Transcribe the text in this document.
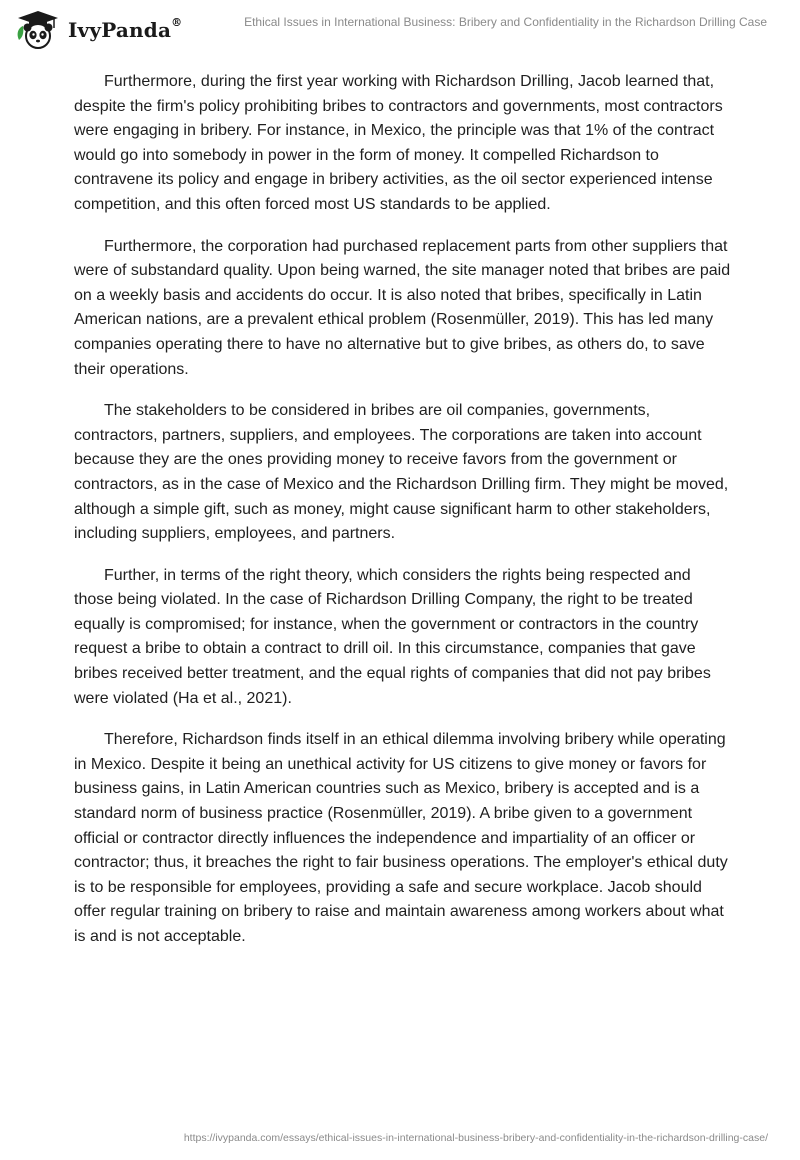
IvyPanda®	Ethical Issues in International Business: Bribery and Confidentiality in the Richardson Drilling Case

Furthermore, during the first year working with Richardson Drilling, Jacob learned that, despite the firm's policy prohibiting bribes to contractors and governments, most contractors were engaging in bribery. For instance, in Mexico, the principle was that 1% of the contract would go into somebody in power in the form of money. It compelled Richardson to contravene its policy and engage in bribery activities, as the oil sector experienced intense competition, and this often forced most US standards to be applied.

Furthermore, the corporation had purchased replacement parts from other suppliers that were of substandard quality. Upon being warned, the site manager noted that bribes are paid on a weekly basis and accidents do occur. It is also noted that bribes, specifically in Latin American nations, are a prevalent ethical problem (Rosenmüller, 2019). This has led many companies operating there to have no alternative but to give bribes, as others do, to save their operations.

The stakeholders to be considered in bribes are oil companies, governments, contractors, partners, suppliers, and employees. The corporations are taken into account because they are the ones providing money to receive favors from the government or contractors, as in the case of Mexico and the Richardson Drilling firm. They might be moved, although a simple gift, such as money, might cause significant harm to other stakeholders, including suppliers, employees, and partners.

Further, in terms of the right theory, which considers the rights being respected and those being violated. In the case of Richardson Drilling Company, the right to be treated equally is compromised; for instance, when the government or contractors in the country request a bribe to obtain a contract to drill oil. In this circumstance, companies that gave bribes received better treatment, and the equal rights of companies that did not pay bribes were violated (Ha et al., 2021).

Therefore, Richardson finds itself in an ethical dilemma involving bribery while operating in Mexico. Despite it being an unethical activity for US citizens to give money or favors for business gains, in Latin American countries such as Mexico, bribery is accepted and is a standard norm of business practice (Rosenmüller, 2019). A bribe given to a government official or contractor directly influences the independence and impartiality of an officer or contractor; thus, it breaches the right to fair business operations. The employer's ethical duty is to be responsible for employees, providing a safe and secure workplace. Jacob should offer regular training on bribery to raise and maintain awareness among workers about what is and is not acceptable.

https://ivypanda.com/essays/ethical-issues-in-international-business-bribery-and-confidentiality-in-the-richardson-drilling-case/
